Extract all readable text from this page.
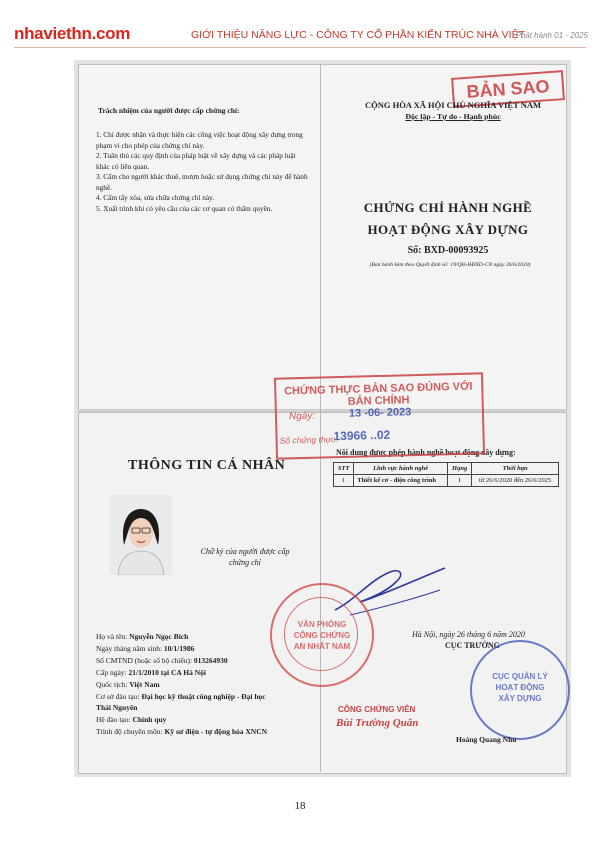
nhaviethn.com	GIỚI THIỆU NĂNG LỰC - CÔNG TY CỔ PHẦN KIẾN TRÚC NHÀ VIỆT
Phát hành 01 - 2025
Trách nhiệm của người được cấp chứng chỉ:
1. Chỉ được nhận và thực hiện các công việc hoạt động xây dựng trong phạm vi cho phép của chứng chỉ này.
2. Tuân thủ các quy định của pháp luật về xây dựng và các pháp luật khác có liên quan.
3. Cấm cho người khác thuê, mượn hoặc sử dụng chứng chỉ này để hành nghề.
4. Cấm tẩy xóa, sửa chữa chứng chỉ này.
5. Xuất trình khi có yêu cầu của các cơ quan có thẩm quyền.
BẢN SAO
CỘNG HÒA XÃ HỘI CHỦ NGHĨA VIỆT NAM
Độc lập - Tự do - Hạnh phúc
CHỨNG CHỈ HÀNH NGHỀ
HOẠT ĐỘNG XÂY DỰNG
Số: BXD-00093925
(Ban hành kèm theo Quyết định số: 19/QĐ-HĐXD-CN ngày 26/6/2020)
THÔNG TIN CÁ NHÂN
Chữ ký của người được cấp chứng chỉ
Họ và tên: Nguyễn Ngọc Bích
Ngày tháng năm sinh: 10/1/1986
Số CMTND (hoặc số hộ chiếu): 013264930
Cấp ngày: 21/1/2010 tại CA Hà Nội
Quốc tịch: Việt Nam
Cơ sở đào tạo: Đại học kỹ thuật công nghiệp - Đại học
Thái Nguyên
Hệ đào tạo: Chính quy
Trình độ chuyên môn: Kỹ sư điện - tự động hóa XNCN
Nội dung được phép hành nghề hoạt động xây dựng:
STT	Lĩnh vực hành nghề	Hạng	Thời hạn
1	Thiết kế cơ - điện công trình	I	từ 26/6/2020 đến 26/6/2025
CHỨNG THỰC BẢN SAO ĐÚNG VỚI BẢN CHÍNH
Ngày:	13 -06- 2023
Số chứng thực:
13966 ..02
VĂN PHÒNG
CÔNG CHỨNG
AN NHẤT NAM
Hà Nội, ngày 26 tháng 6 năm 2020
CỤC TRƯỞNG
CỤC QUẢN LÝ
HOẠT ĐỘNG
XÂY DỰNG
CÔNG CHỨNG VIÊN
Bùi Trường Quân
Hoàng Quang Nhu
18
